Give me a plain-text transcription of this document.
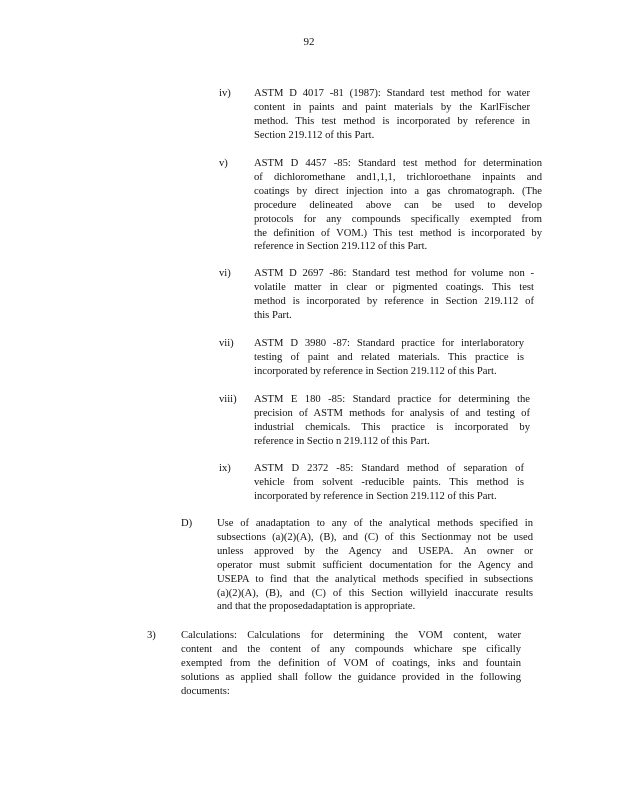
92
iv) ASTM D 4017 -81 (1987): Standard test method for water
content in paints and paint materials by the KarlFischer
method. This test method is incorporated by reference in
Section 219.112 of this Part.
v) ASTM D 4457 -85: Standard test method for determination
of dichloromethane and1,1,1, trichloroethane inpaints and
coatings by direct injection into a gas chromatograph. (The
procedure delineated above can be used to develop
protocols for any compounds specifically exempted from
the definition of VOM.) This test method is incorporated by
reference in Section 219.112 of this Part.
vi) ASTM D 2697 -86: Standard test method for volume non -
volatile matter in clear or pigmented coatings. This test
method is incorporated by reference in Section 219.112 of
this Part.
vii) ASTM D 3980 -87: Standard practice for interlaboratory
testing of paint and related materials. This practice is
incorporated by reference in Section 219.112 of this Part.
viii) ASTM E 180 -85: Standard practice for determining the
precision of ASTM methods for analysis of and testing of
industrial chemicals. This practice is incorporated by
reference in Sectio n 219.112 of this Part.
ix) ASTM D 2372 -85: Standard method of separation of
vehicle from solvent -reducible paints. This method is
incorporated by reference in Section 219.112 of this Part.
D) Use of anadaptation to any of the analytical methods specified in
subsections (a)(2)(A), (B), and (C) of this Sectionmay not be used
unless approved by the Agency and USEPA. An owner or
operator must submit sufficient documentation for the Agency and
USEPA to find that the analytical methods specified in subsections
(a)(2)(A), (B), and (C) of this Section willyield inaccurate results
and that the proposedadaptation is appropriate.
3) Calculations: Calculations for determining the VOM content, water
content and the content of any compounds whichare spe cifically
exempted from the definition of VOM of coatings, inks and fountain
solutions as applied shall follow the guidance provided in the following
documents:
